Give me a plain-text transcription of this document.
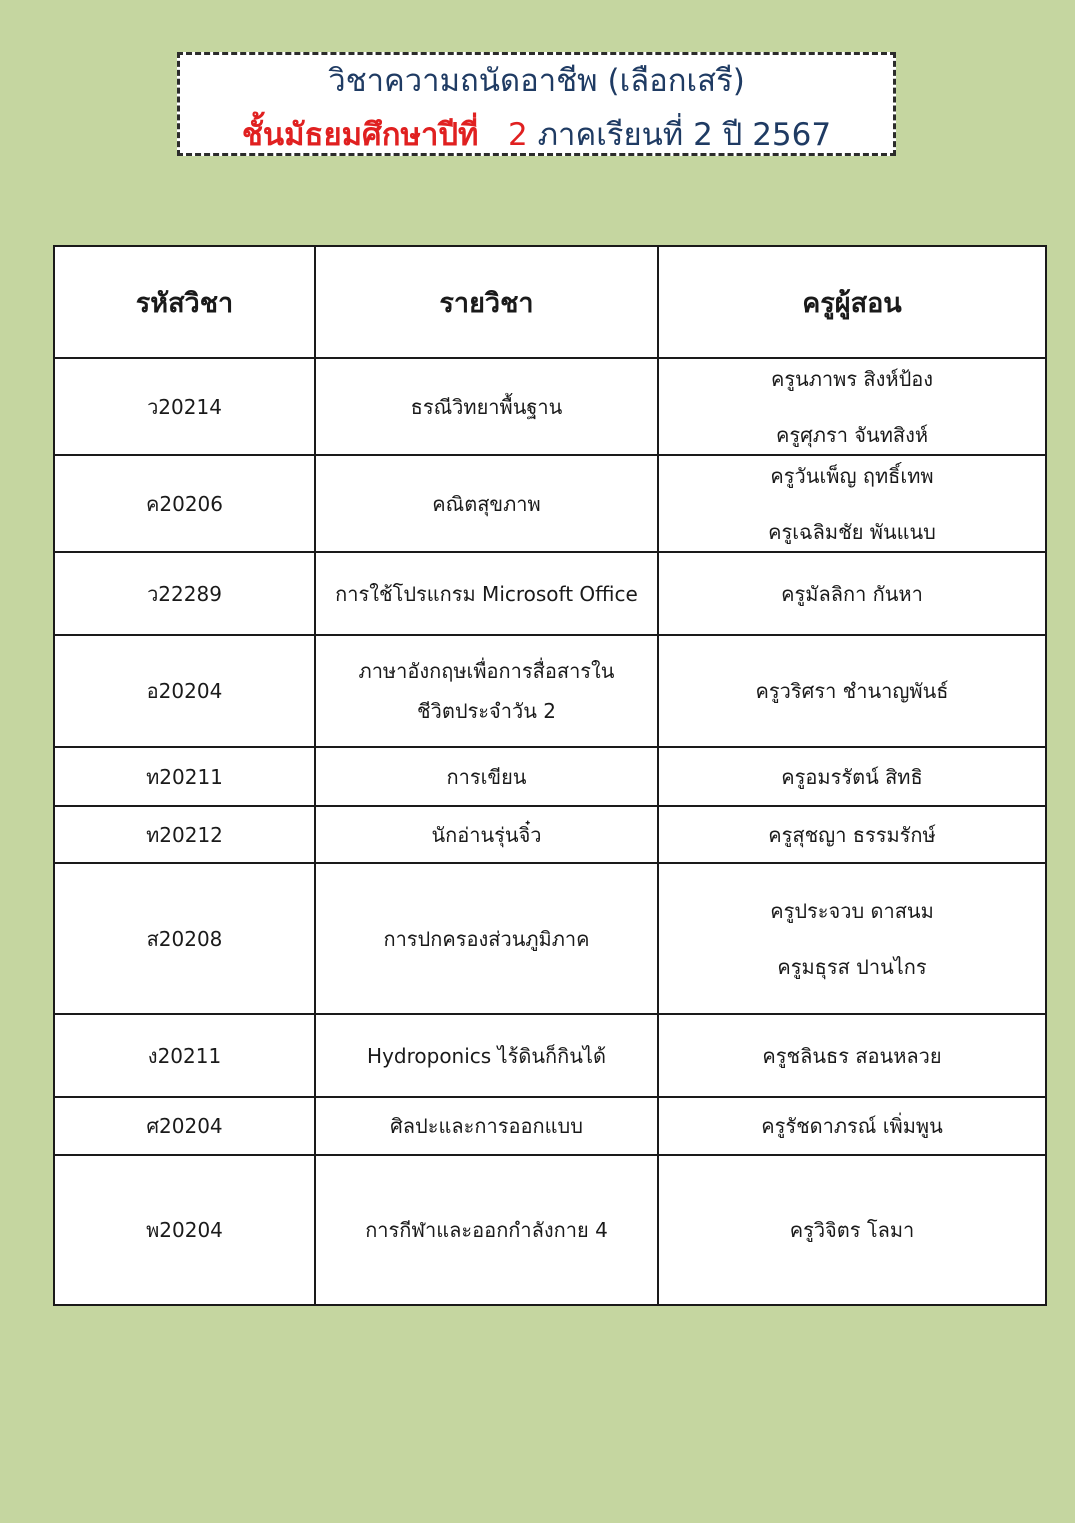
วิชาความถนัดอาชีพ (เลือกเสรี)
ชั้นมัธยมศึกษาปีที่ 2 ภาคเรียนที่ 2 ปี 2567
รหัสวิชา	รายวิชา	ครูผู้สอน
ว20214	ธรณีวิทยาพื้นฐาน	ครูนภาพร สิงห์ป้อง
ครูศุภรา จันทสิงห์

ค20206	คณิตสุขภาพ	ครูวันเพ็ญ ฤทธิ์เทพ
ครูเฉลิมชัย พันแนบ

ว22289	การใช้โปรแกรม Microsoft Office	ครูมัลลิกา กันหา

อ20204	ภาษาอังกฤษเพื่อการสื่อสารใน
ชีวิตประจำวัน 2	ครูวริศรา ชำนาญพันธ์

ท20211	การเขียน	ครูอมรรัตน์ สิทธิ

ท20212	นักอ่านรุ่นจิ๋ว	ครูสุชญา ธรรมรักษ์

ส20208	การปกครองส่วนภูมิภาค	ครูประจวบ ดาสนม
ครูมธุรส ปานไกร

ง20211	Hydroponics ไร้ดินก็กินได้	ครูชลินธร สอนหลวย

ศ20204	ศิลปะและการออกแบบ	ครูรัชดาภรณ์ เพิ่มพูน

พ20204	การกีฬาและออกกำลังกาย 4	ครูวิจิตร โลมา
